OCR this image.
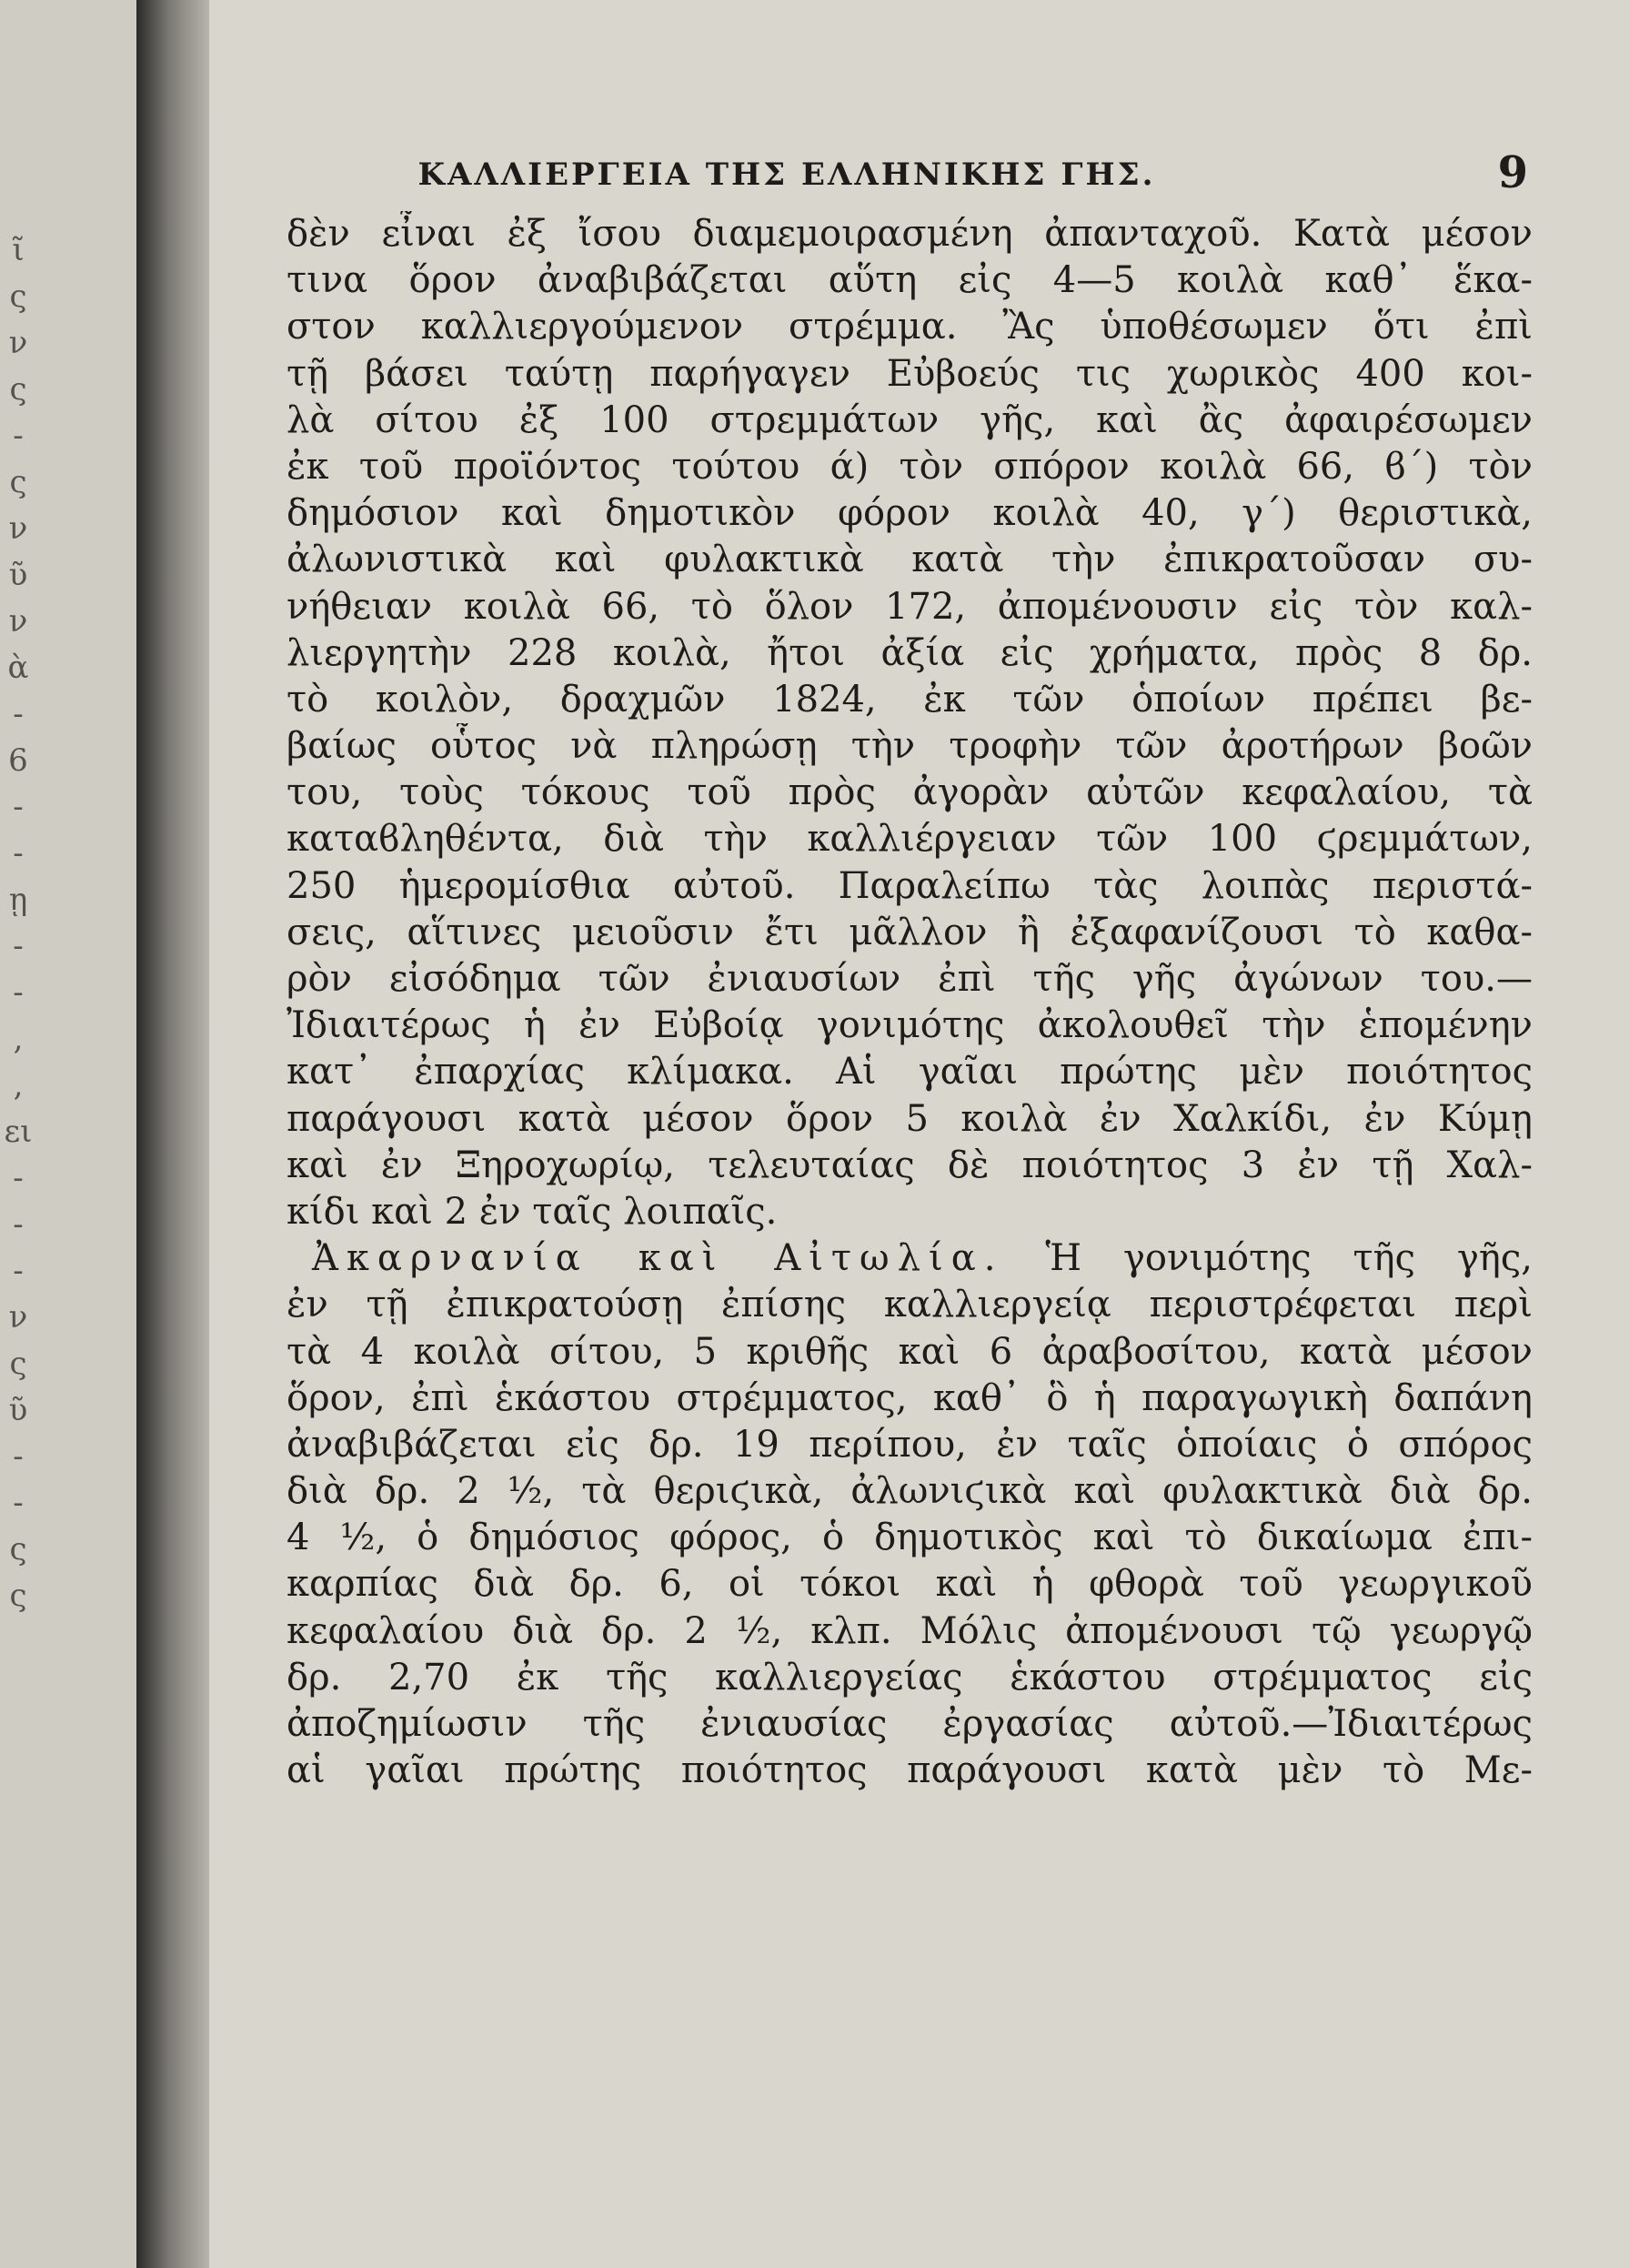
ῖ
ς
ν
ς
-
ς
ν
ῦ
ν
ὰ
-
6
-
-
ῃ
-
-
,
,
ει
-
-
-
ν
ς
ῦ
-
-
ς
ς
ΚΑΛΛΙΕΡΓΕΙΑ ΤΗΣ ΕΛΛΗΝΙΚΗΣ ΓΗΣ.	9
δὲν εἶναι ἐξ ἴσου διαμεμοιρασμένη ἀπανταχοῦ. Κατὰ μέσον
τινα ὅρον ἀναβιβάζεται αὕτη εἰς 4—5 κοιλὰ καθ᾽ ἕκα-
στον καλλιεργούμενον στρέμμα. Ἂς ὑποθέσωμεν ὅτι ἐπὶ
τῇ βάσει ταύτῃ παρήγαγεν Εὐβοεύς τις χωρικὸς 400 κοι-
λὰ σίτου ἐξ 100 στρεμμάτων γῆς, καὶ ἂς ἀφαιρέσωμεν
ἐκ τοῦ προϊόντος τούτου ά) τὸν σπόρον κοιλὰ 66, ϐ΄) τὸν
δημόσιον καὶ δημοτικὸν φόρον κοιλὰ 40, γ΄) θεριστικὰ,
ἀλωνιστικὰ καὶ φυλακτικὰ κατὰ τὴν ἐπικρατοῦσαν συ-
νήθειαν κοιλὰ 66, τὸ ὅλον 172, ἀπομένουσιν εἰς τὸν καλ-
λιεργητὴν 228 κοιλὰ, ἤτοι ἀξία εἰς χρήματα, πρὸς 8 δρ.
τὸ κοιλὸν, δραχμῶν 1824, ἐκ τῶν ὁποίων πρέπει βε-
βαίως οὗτος νὰ πληρώσῃ τὴν τροφὴν τῶν ἀροτήρων βοῶν
του, τοὺς τόκους τοῦ πρὸς ἀγορὰν αὐτῶν κεφαλαίου, τὰ
καταϐληθέντα, διὰ τὴν καλλιέργειαν τῶν 100 ϛρεμμάτων,
250 ἡμερομίσθια αὐτοῦ. Παραλείπω τὰς λοιπὰς περιστά-
σεις, αἵτινες μειοῦσιν ἔτι μᾶλλον ἢ ἐξαφανίζουσι τὸ καθα-
ρὸν εἰσόδημα τῶν ἐνιαυσίων ἐπὶ τῆς γῆς ἀγώνων του.—
Ἰδιαιτέρως ἡ ἐν Εὐβοίᾳ γονιμότης ἀκολουθεῖ τὴν ἑπομένην
κατ᾽ ἐπαρχίας κλίμακα. Αἱ γαῖαι πρώτης μὲν ποιότητος
παράγουσι κατὰ μέσον ὅρον 5 κοιλὰ ἐν Χαλκίδι, ἐν Κύμῃ
καὶ ἐν Ξηροχωρίῳ, τελευταίας δὲ ποιότητος 3 ἐν τῇ Χαλ-
κίδι καὶ 2 ἐν ταῖς λοιπαῖς.
Ἀκαρνανία καὶ Αἰτωλία. Ἡ γονιμότης τῆς γῆς,
ἐν τῇ ἐπικρατούσῃ ἐπίσης καλλιεργείᾳ περιστρέφεται περὶ
τὰ 4 κοιλὰ σίτου, 5 κριθῆς καὶ 6 ἀραβοσίτου, κατὰ μέσον
ὅρον, ἐπὶ ἑκάστου στρέμματος, καθ᾽ ὃ ἡ παραγωγικὴ δαπάνη
ἀναβιβάζεται εἰς δρ. 19 περίπου, ἐν ταῖς ὁποίαις ὁ σπόρος
διὰ δρ. 2 ½, τὰ θεριϛικὰ, ἀλωνιϛικὰ καὶ φυλακτικὰ διὰ δρ.
4 ½, ὁ δημόσιος φόρος, ὁ δημοτικὸς καὶ τὸ δικαίωμα ἐπι-
καρπίας διὰ δρ. 6, οἱ τόκοι καὶ ἡ φθορὰ τοῦ γεωργικοῦ
κεφαλαίου διὰ δρ. 2 ½, κλπ. Μόλις ἀπομένουσι τῷ γεωργῷ
δρ. 2,70 ἐκ τῆς καλλιεργείας ἑκάστου στρέμματος εἰς
ἀποζημίωσιν τῆς ἐνιαυσίας ἐργασίας αὐτοῦ.—Ἰδιαιτέρως
αἱ γαῖαι πρώτης ποιότητος παράγουσι κατὰ μὲν τὸ Με-
